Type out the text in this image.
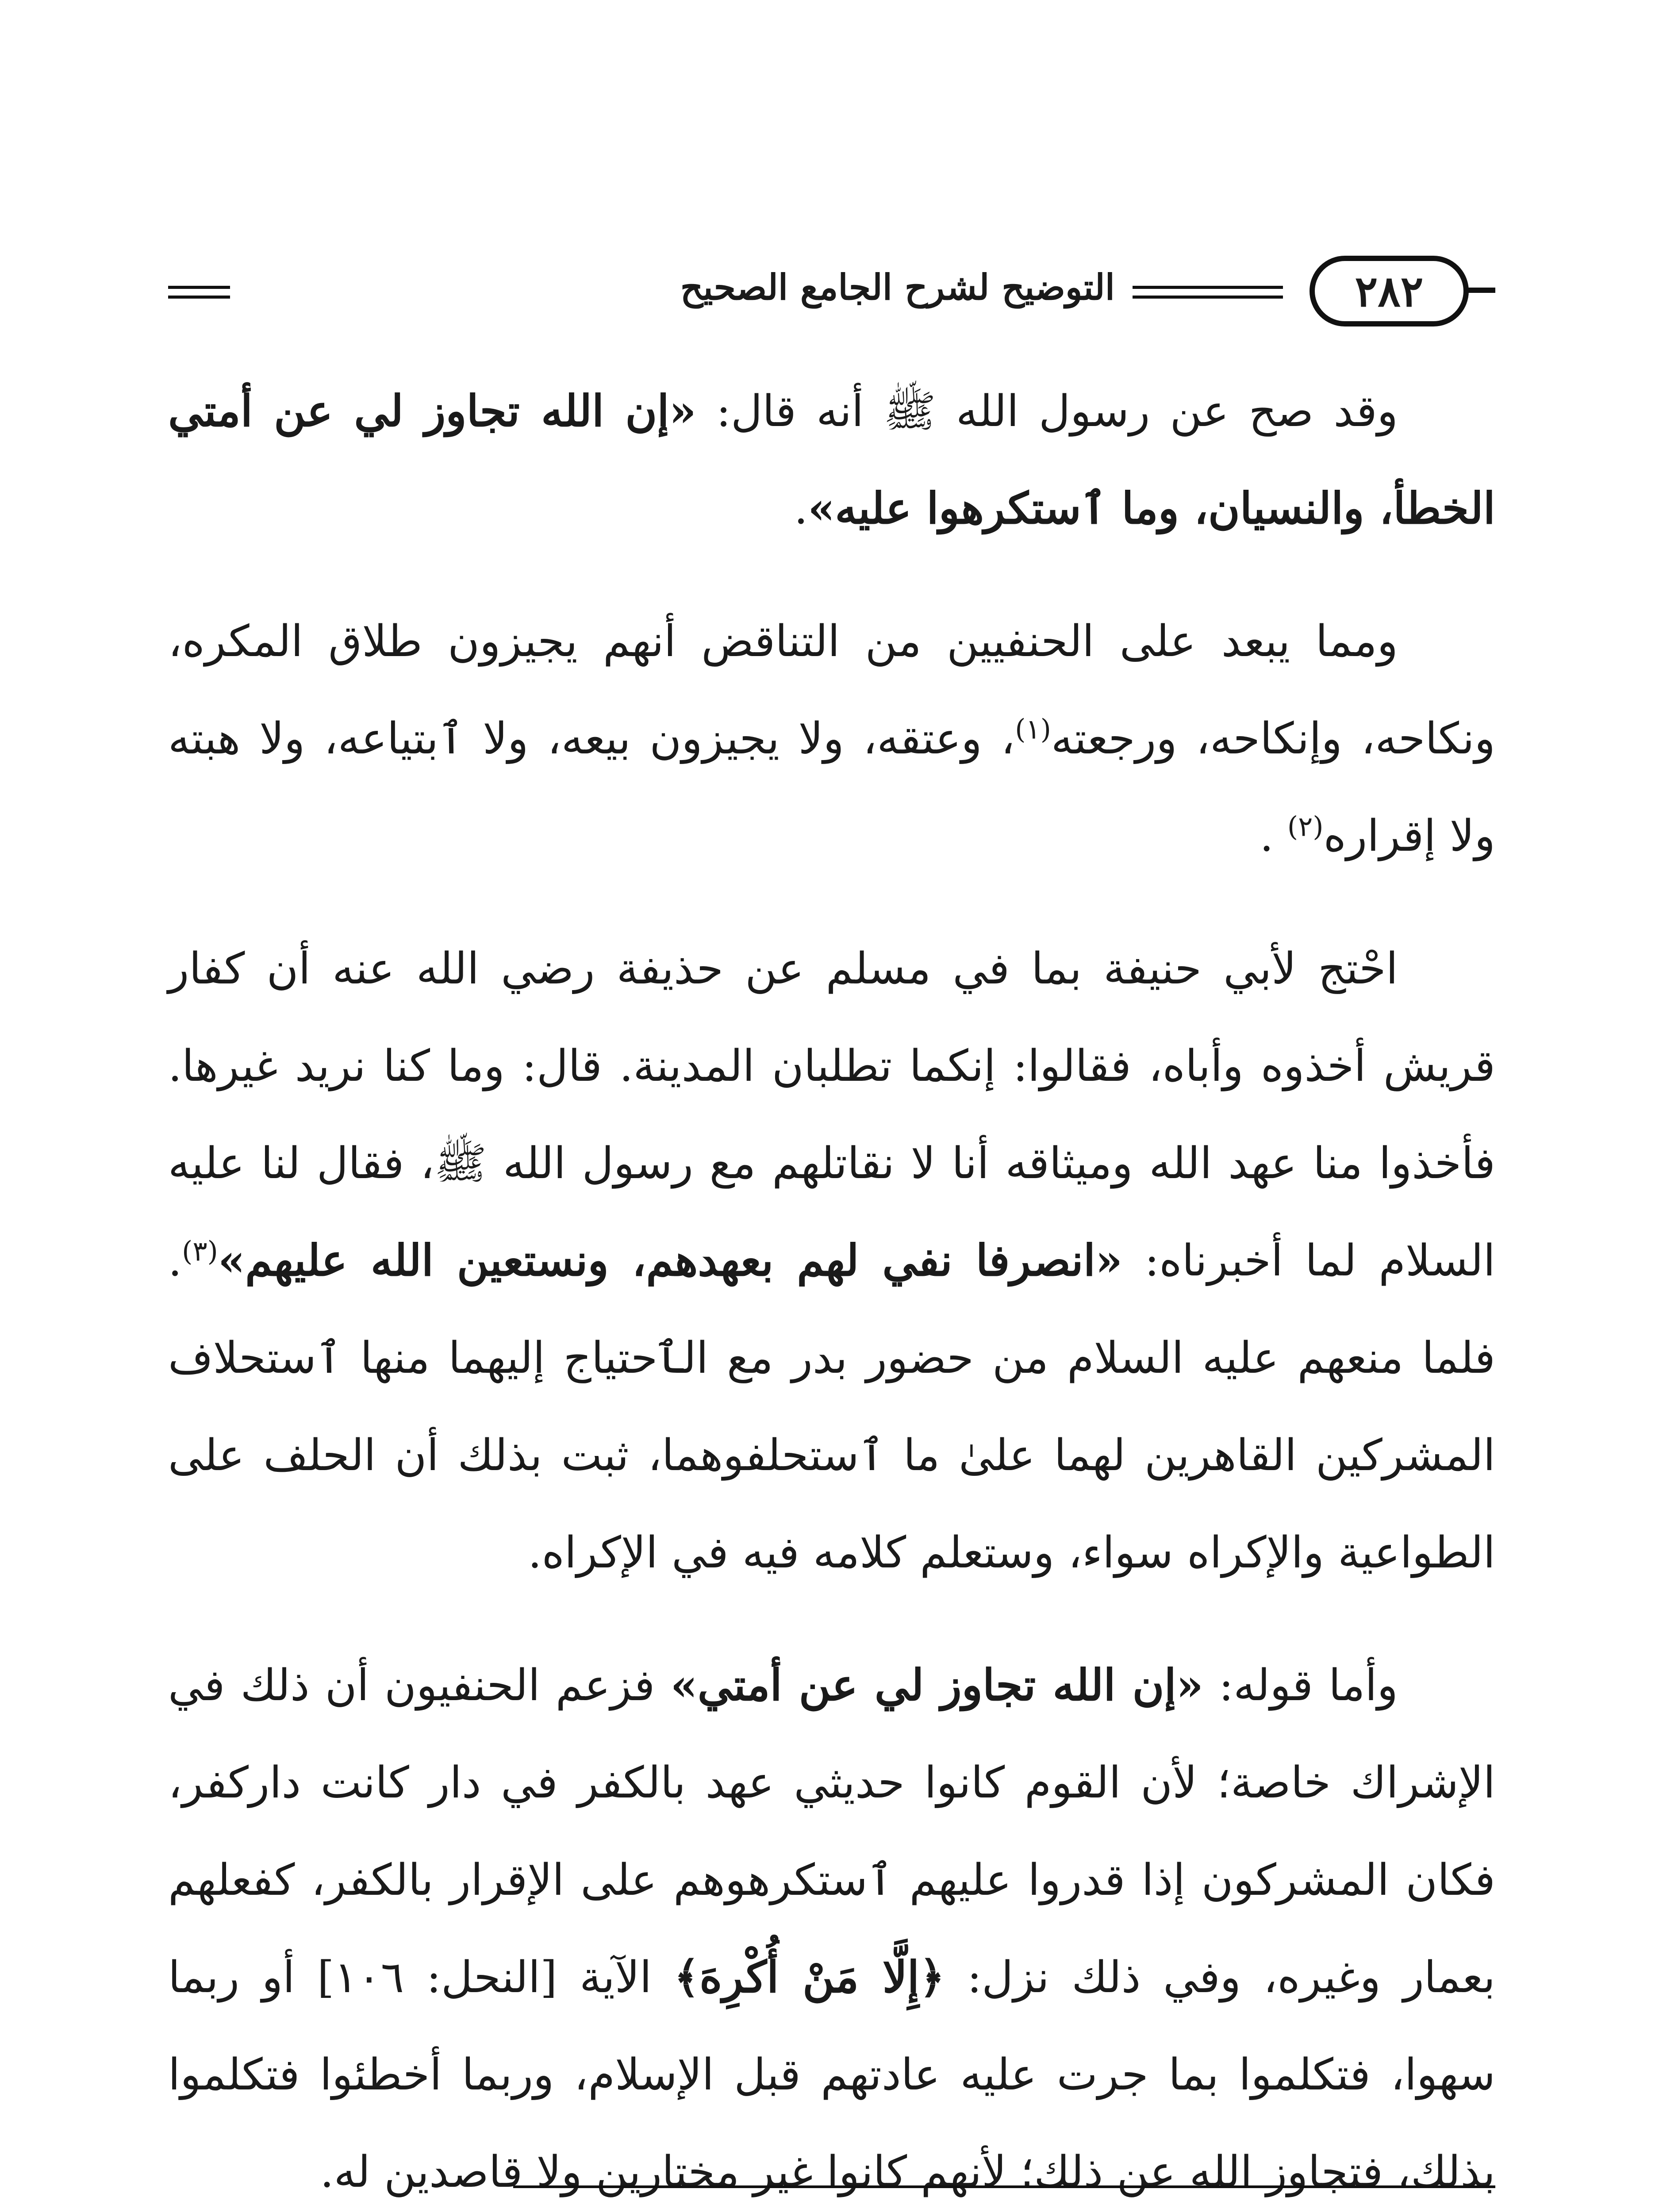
٢٨٢
التوضيح لشرح الجامع الصحيح

وقد صح عن رسول الله ﷺ أنه قال: «إن الله تجاوز لي عن أمتي الخطأ، والنسيان، وما ٱستكرهوا عليه».

ومما يبعد على الحنفيين من التناقض أنهم يجيزون طلاق المكره، ونكاحه، وإنكاحه، ورجعته$^{(١)}$، وعتقه، ولا يجيزون بيعه، ولا ٱبتياعه، ولا هبته ولا إقراره$^{(٢)}$ .

احْتج لأبي حنيفة بما في مسلم عن حذيفة رضي الله عنه أن كفار قريش أخذوه وأباه، فقالوا: إنكما تطلبان المدينة. قال: وما كنا نريد غيرها. فأخذوا منا عهد الله وميثاقه أنا لا نقاتلهم مع رسول الله ﷺ، فقال لنا عليه السلام لما أخبرناه: «انصرفا نفي لهم بعهدهم، ونستعين الله عليهم»$^{(٣)}$. فلما منعهم عليه السلام من حضور بدر مع الٱحتياج إليهما منها ٱستحلاف المشركين القاهرين لهما علىٰ ما ٱستحلفوهما، ثبت بذلك أن الحلف على الطواعية والإكراه سواء، وستعلم كلامه فيه في الإكراه.

وأما قوله: «إن الله تجاوز لي عن أمتي» فزعم الحنفيون أن ذلك في الإشراك خاصة؛ لأن القوم كانوا حديثي عهد بالكفر في دار كانت داركفر، فكان المشركون إذا قدروا عليهم ٱستكرهوهم على الإقرار بالكفر، كفعلهم بعمار وغيره، وفي ذلك نزل: ﴿إِلَّا مَنْ أُكْرِهَ﴾ الآية [النحل: ١٠٦] أو ربما سهوا، فتكلموا بما جرت عليه عادتهم قبل الإسلام، وربما أخطئوا فتكلموا بذلك، فتجاوز الله عن ذلك؛ لأنهم كانوا غير مختارين ولا قاصدين له.
